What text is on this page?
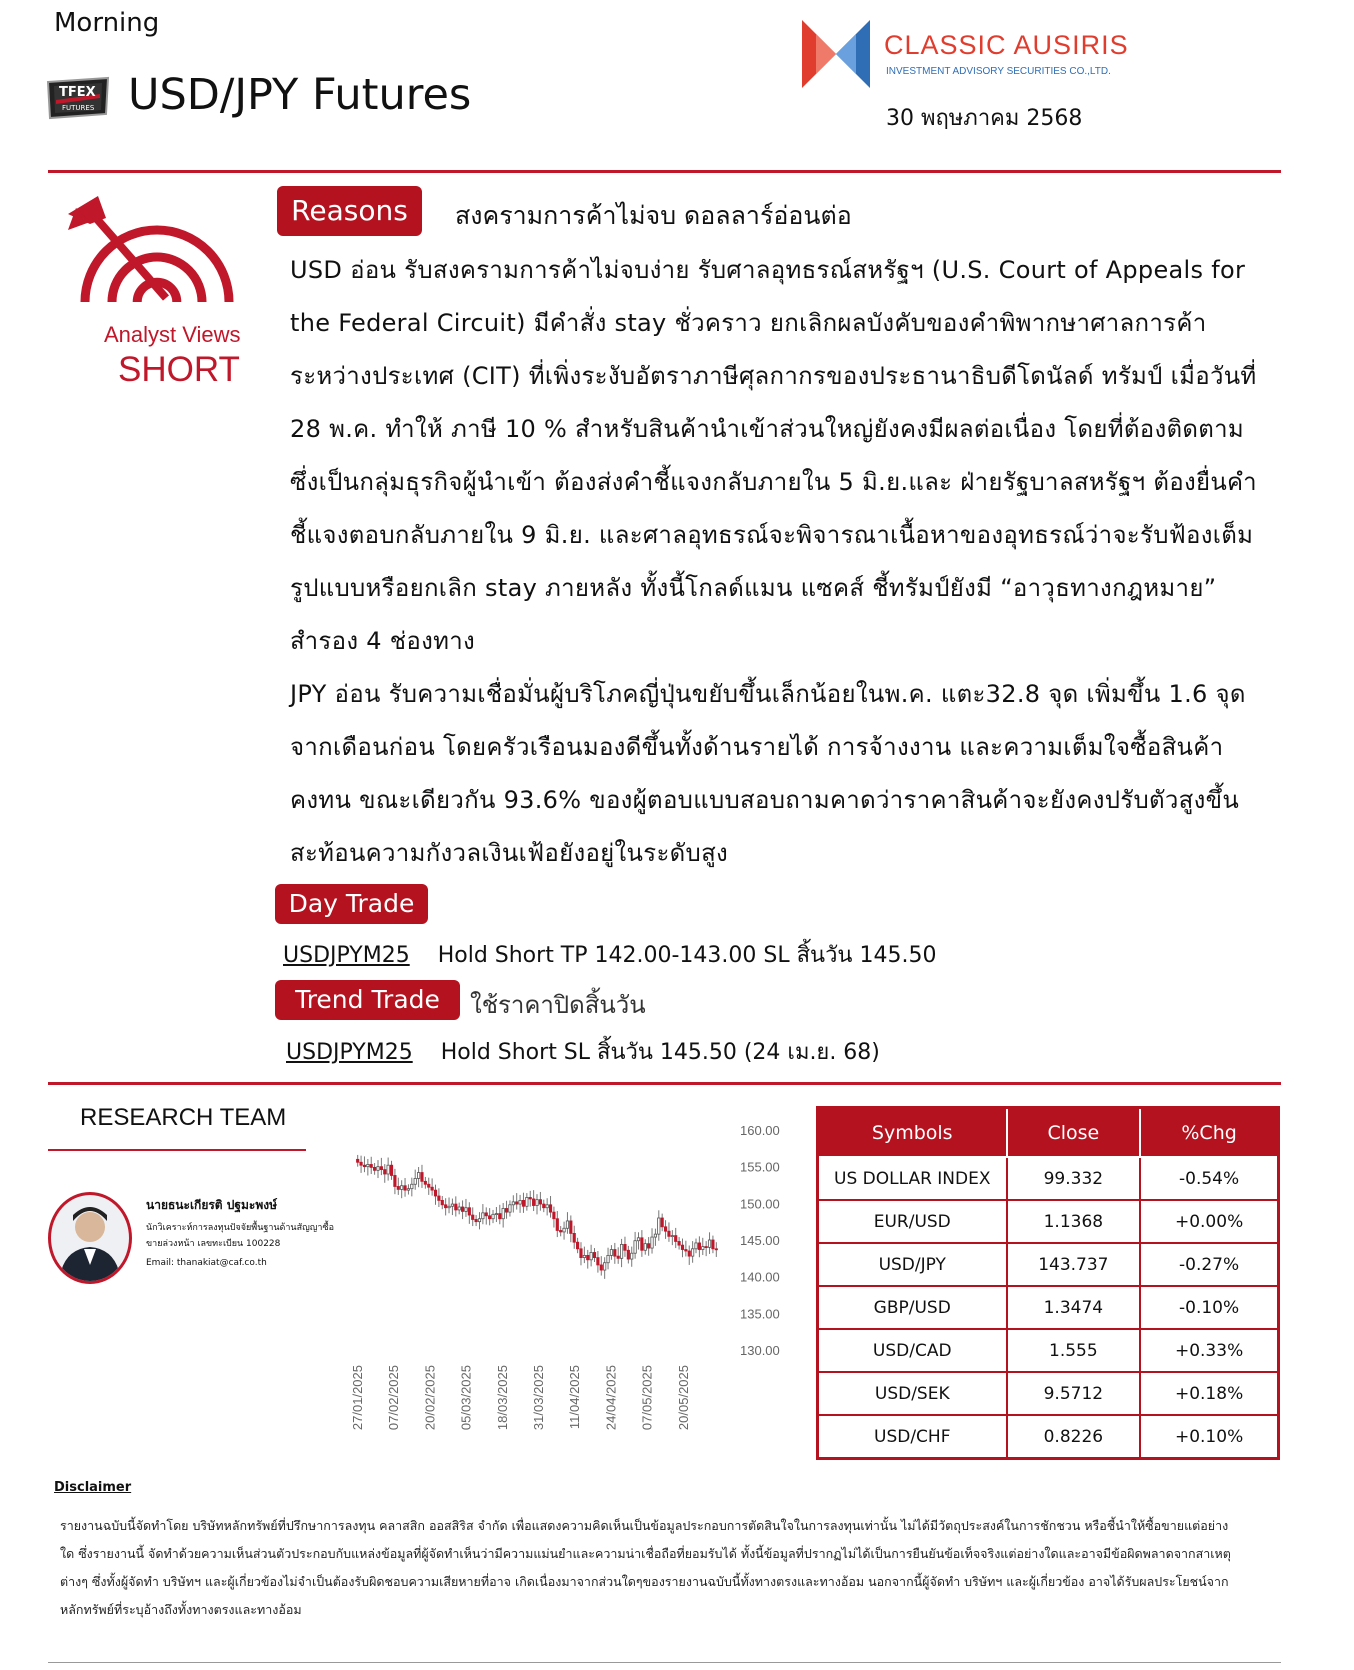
Morning
TFEX
FUTURES USD/JPY Futures
CLASSIC AUSIRIS
INVESTMENT ADVISORY SECURITIES CO.,LTD.
30 พฤษภาคม 2568
Analyst Views
SHORT
Reasons	สงครามการค้าไม่จบ ดอลลาร์อ่อนต่อ

USD อ่อน รับสงครามการค้าไม่จบง่าย รับศาลอุทธรณ์สหรัฐฯ (U.S. Court of Appeals for the Federal Circuit) มีคำสั่ง stay ชั่วคราว ยกเลิกผลบังคับของคำพิพากษาศาลการค้าระหว่างประเทศ (CIT) ที่เพิ่งระงับอัตราภาษีศุลกากรของประธานาธิบดีโดนัลด์ ทรัมป์ เมื่อวันที่ 28 พ.ค. ทำให้ ภาษี 10 % สำหรับสินค้านำเข้าส่วนใหญ่ยังคงมีผลต่อเนื่อง โดยที่ต้องติดตาม ซึ่งเป็นกลุ่มธุรกิจผู้นำเข้า ต้องส่งคำชี้แจงกลับภายใน 5 มิ.ย.และ ฝ่ายรัฐบาลสหรัฐฯ ต้องยื่นคำชี้แจงตอบกลับภายใน 9 มิ.ย. และศาลอุทธรณ์จะพิจารณาเนื้อหาของอุทธรณ์ว่าจะรับฟ้องเต็มรูปแบบหรือยกเลิก stay ภายหลัง ทั้งนี้โกลด์แมน แซคส์ ชี้ทรัมป์ยังมี “อาวุธทางกฎหมาย” สำรอง 4 ช่องทาง

JPY อ่อน รับความเชื่อมั่นผู้บริโภคญี่ปุ่นขยับขึ้นเล็กน้อยในพ.ค. แตะ32.8 จุด เพิ่มขึ้น 1.6 จุดจากเดือนก่อน โดยครัวเรือนมองดีขึ้นทั้งด้านรายได้ การจ้างงาน และความเต็มใจซื้อสินค้าคงทน ขณะเดียวกัน 93.6% ของผู้ตอบแบบสอบถามคาดว่าราคาสินค้าจะยังคงปรับตัวสูงขึ้น สะท้อนความกังวลเงินเฟ้อยังอยู่ในระดับสูง

Day Trade
USDJPYM25 Hold Short TP 142.00-143.00 SL สิ้นวัน 145.50
Trend Trade	ใช้ราคาปิดสิ้นวัน
USDJPYM25 Hold Short SL สิ้นวัน 145.50 (24 เม.ย. 68)
RESEARCH TEAM
นายธนะเกียรติ ปฐมะพงษ์
นักวิเคราะห์การลงทุนปัจจัยพื้นฐานด้านสัญญาซื้อขายล่วงหน้า เลขทะเบียน 100228
Email: thanakiat@caf.co.th
160.00
155.00
150.00
145.00
140.00
135.00
130.00
27/01/2025 07/02/2025 20/02/2025 05/03/2025 18/03/2025 31/03/2025 11/04/2025 24/04/2025 07/05/2025 20/05/2025
Symbols	Close	%Chg
US DOLLAR INDEX	99.332	-0.54%
EUR/USD	1.1368	+0.00%
USD/JPY	143.737	-0.27%
GBP/USD	1.3474	-0.10%
USD/CAD	1.555	+0.33%
USD/SEK	9.5712	+0.18%
USD/CHF	0.8226	+0.10%
Disclaimer
รายงานฉบับนี้จัดทำโดย บริษัทหลักทรัพย์ที่ปรึกษาการลงทุน คลาสสิก ออสสิริส จำกัด เพื่อแสดงความคิดเห็นเป็นข้อมูลประกอบการตัดสินใจในการลงทุนเท่านั้น ไม่ได้มีวัตถุประสงค์ในการชักชวน หรือชี้นำให้ซื้อขายแต่อย่างใด ซึ่งรายงานนี้ จัดทำด้วยความเห็นส่วนตัวประกอบกับแหล่งข้อมูลที่ผู้จัดทำเห็นว่ามีความแม่นยำและความน่าเชื่อถือที่ยอมรับได้ ทั้งนี้ข้อมูลที่ปรากฏไม่ได้เป็นการยืนยันข้อเท็จจริงแต่อย่างใดและอาจมีข้อผิดพลาดจากสาเหตุต่างๆ ซึ่งทั้งผู้จัดทำ บริษัทฯ และผู้เกี่ยวข้องไม่จำเป็นต้องรับผิดชอบความเสียหายที่อาจ เกิดเนื่องมาจากส่วนใดๆของรายงานฉบับนี้ทั้งทางตรงและทางอ้อม นอกจากนี้ผู้จัดทำ บริษัทฯ และผู้เกี่ยวข้อง อาจได้รับผลประโยชน์จากหลักทรัพย์ที่ระบุอ้างถึงทั้งทางตรงและทางอ้อม
